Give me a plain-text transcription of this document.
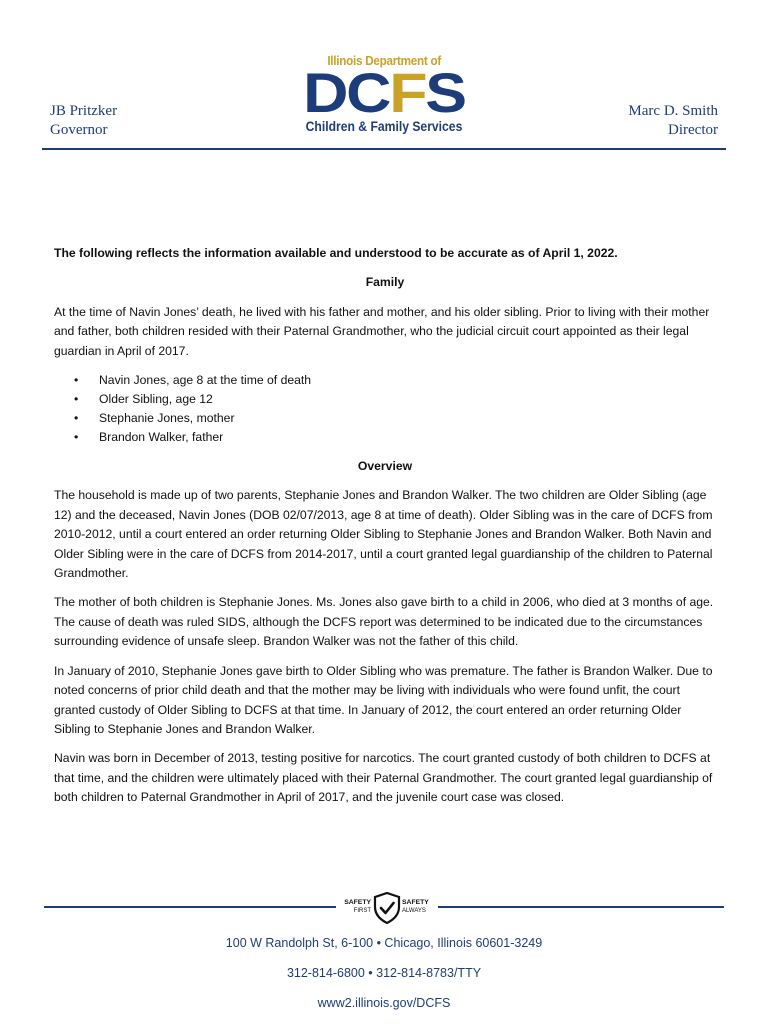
JB Pritzker
Governor
Illinois Department of
DCFS
Children & Family Services
Marc D. Smith
Director

The following reflects the information available and understood to be accurate as of April 1, 2022.

Family

At the time of Navin Jones’ death, he lived with his father and mother, and his older sibling. Prior to living with their mother and father, both children resided with their Paternal Grandmother, who the judicial circuit court appointed as their legal guardian in April of 2017.

• Navin Jones, age 8 at the time of death
• Older Sibling, age 12
• Stephanie Jones, mother
• Brandon Walker, father

Overview

The household is made up of two parents, Stephanie Jones and Brandon Walker. The two children are Older Sibling (age 12) and the deceased, Navin Jones (DOB 02/07/2013, age 8 at time of death). Older Sibling was in the care of DCFS from 2010-2012, until a court entered an order returning Older Sibling to Stephanie Jones and Brandon Walker. Both Navin and Older Sibling were in the care of DCFS from 2014-2017, until a court granted legal guardianship of the children to Paternal Grandmother.

The mother of both children is Stephanie Jones. Ms. Jones also gave birth to a child in 2006, who died at 3 months of age. The cause of death was ruled SIDS, although the DCFS report was determined to be indicated due to the circumstances surrounding evidence of unsafe sleep. Brandon Walker was not the father of this child.

In January of 2010, Stephanie Jones gave birth to Older Sibling who was premature. The father is Brandon Walker. Due to noted concerns of prior child death and that the mother may be living with individuals who were found unfit, the court granted custody of Older Sibling to DCFS at that time. In January of 2012, the court entered an order returning Older Sibling to Stephanie Jones and Brandon Walker.

Navin was born in December of 2013, testing positive for narcotics. The court granted custody of both children to DCFS at that time, and the children were ultimately placed with their Paternal Grandmother. The court granted legal guardianship of both children to Paternal Grandmother in April of 2017, and the juvenile court case was closed.

SAFETY
FIRST
SAFETY
ALWAYS
100 W Randolph St, 6-100 • Chicago, Illinois 60601-3249
312-814-6800 • 312-814-8783/TTY
www2.illinois.gov/DCFS
